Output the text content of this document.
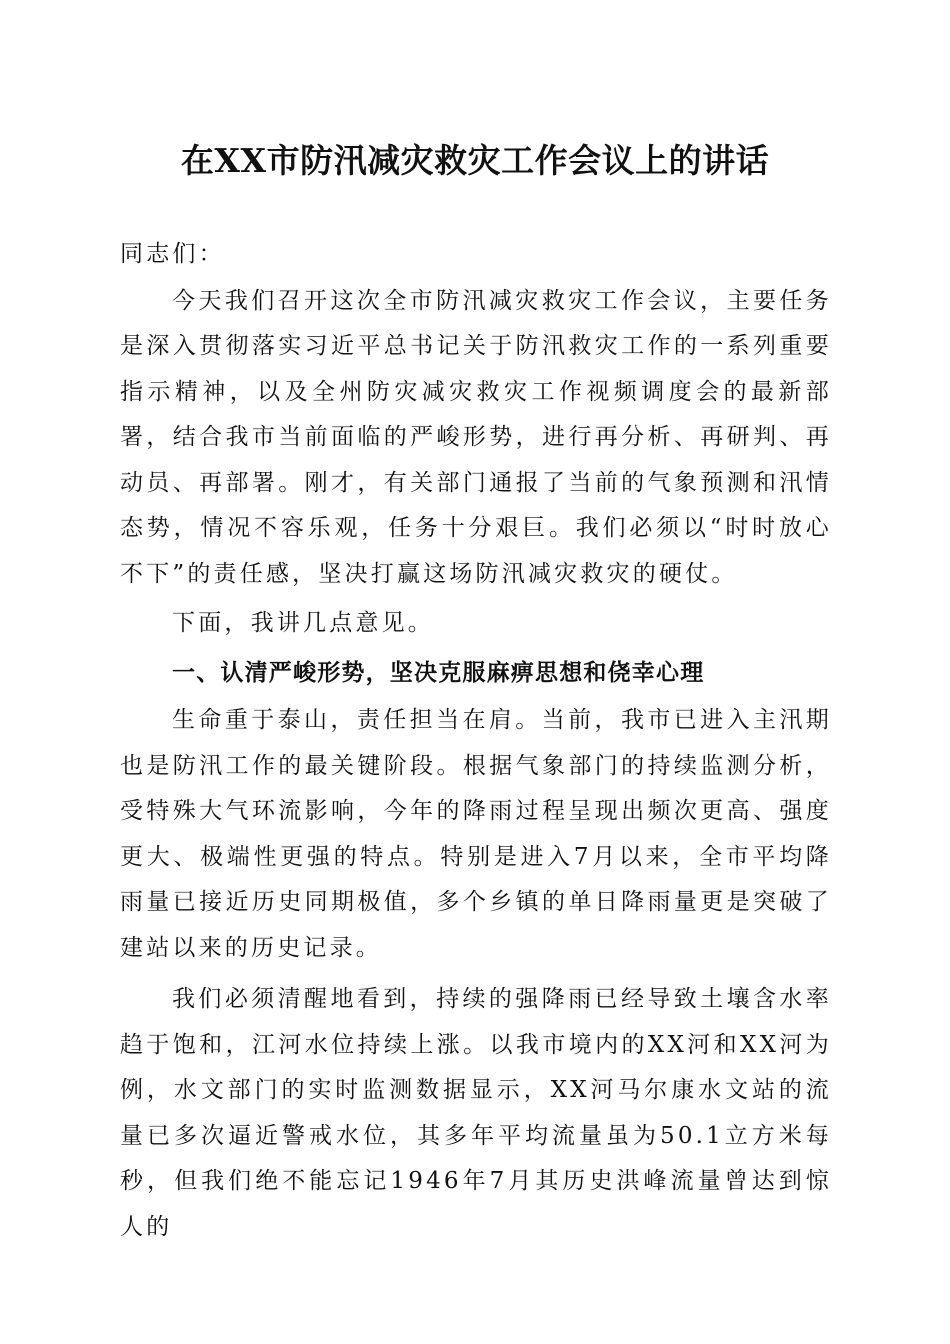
在XX市防汛减灾救灾工作会议上的讲话

同志们：

今天我们召开这次全市防汛减灾救灾工作会议，主要任务是深入贯彻落实习近平总书记关于防汛救灾工作的一系列重要指示精神，以及全州防灾减灾救灾工作视频调度会的最新部署，结合我市当前面临的严峻形势，进行再分析、再研判、再动员、再部署。刚才，有关部门通报了当前的气象预测和汛情态势，情况不容乐观，任务十分艰巨。我们必须以“时时放心不下”的责任感，坚决打赢这场防汛减灾救灾的硬仗。

下面，我讲几点意见。

一、认清严峻形势，坚决克服麻痹思想和侥幸心理

生命重于泰山，责任担当在肩。当前，我市已进入主汛期也是防汛工作的最关键阶段。根据气象部门的持续监测分析，受特殊大气环流影响，今年的降雨过程呈现出频次更高、强度更大、极端性更强的特点。特别是进入7月以来，全市平均降雨量已接近历史同期极值，多个乡镇的单日降雨量更是突破了建站以来的历史记录。

我们必须清醒地看到，持续的强降雨已经导致土壤含水率趋于饱和，江河水位持续上涨。以我市境内的XX河和XX河为例，水文部门的实时监测数据显示，XX河马尔康水文站的流量已多次逼近警戒水位，其多年平均流量虽为50.1立方米每秒，但我们绝不能忘记1946年7月其历史洪峰流量曾达到惊人的
